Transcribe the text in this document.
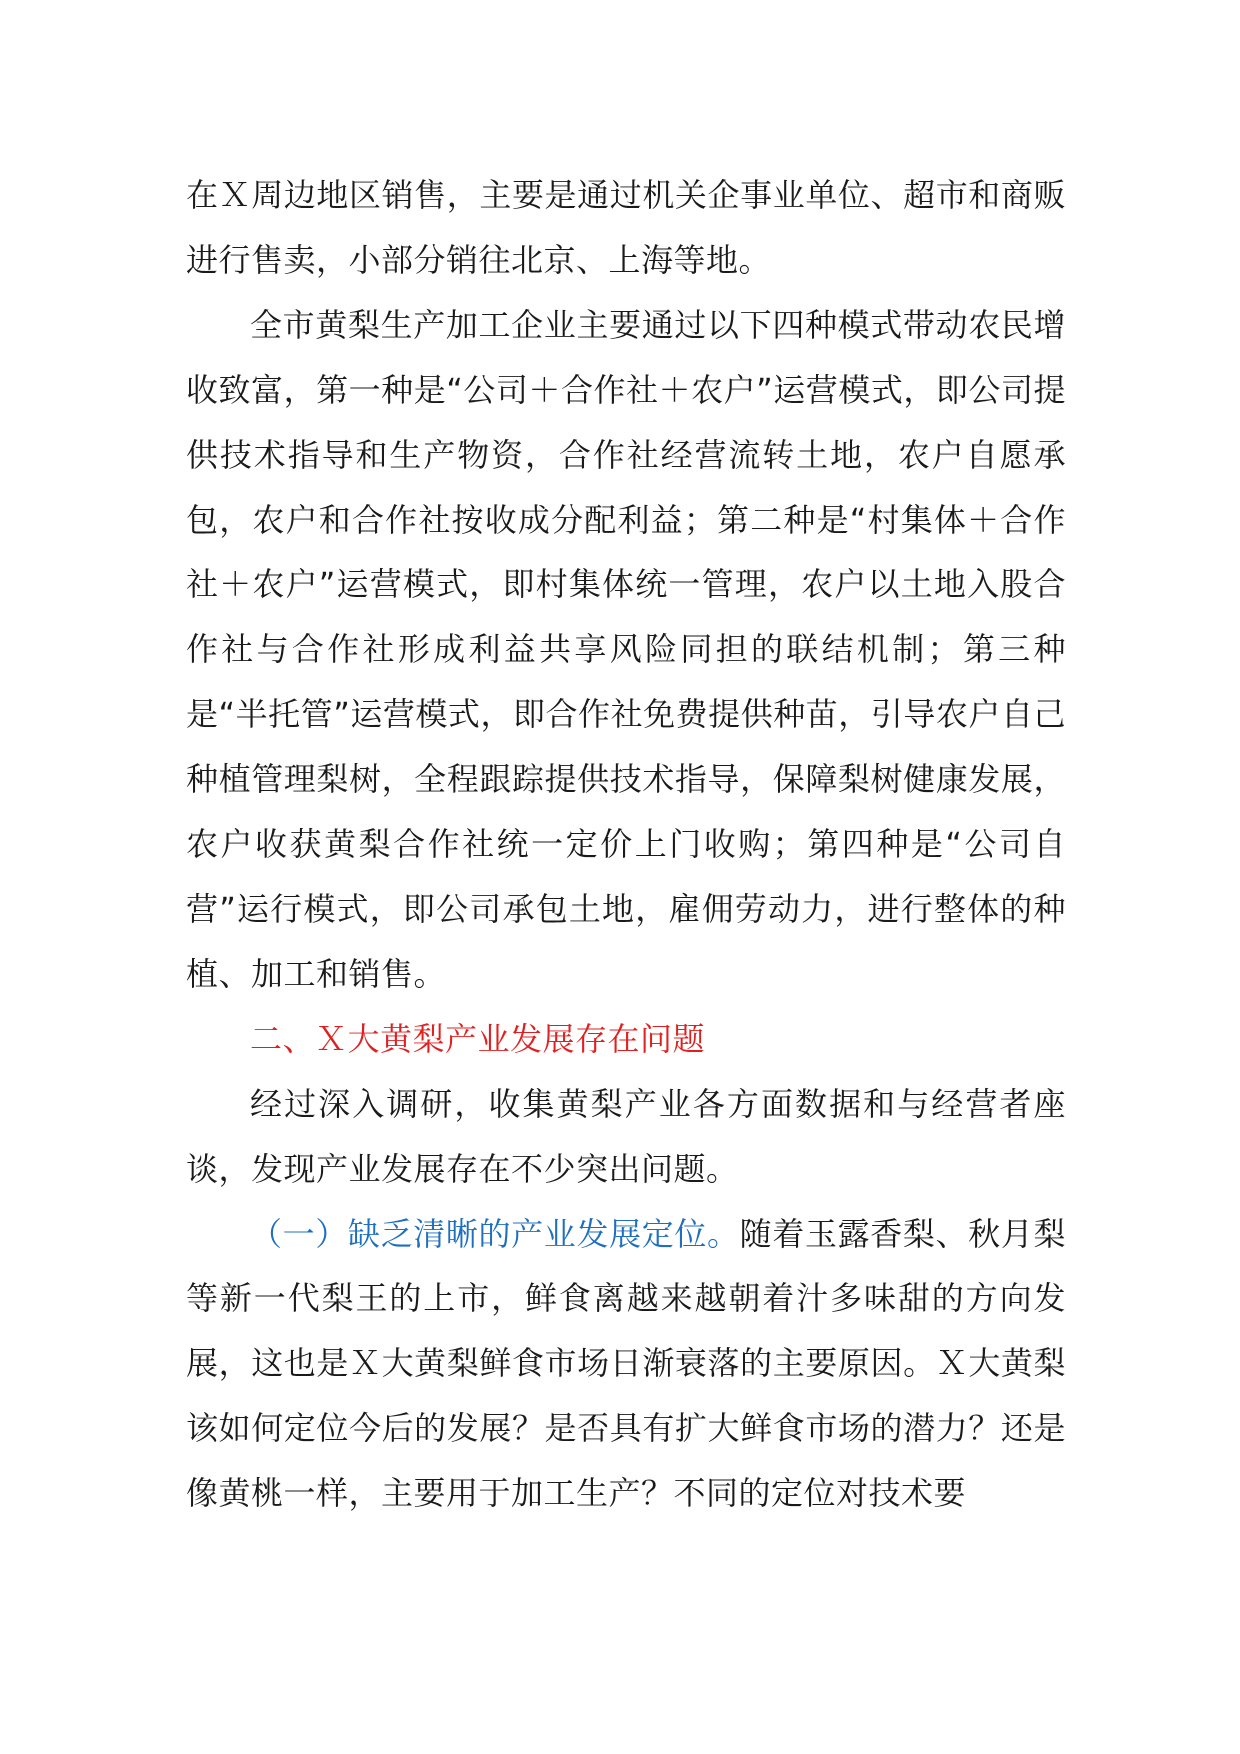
在Ｘ周边地区销售，主要是通过机关企事业单位、超市和商贩进行售卖，小部分销往北京、上海等地。

全市黄梨生产加工企业主要通过以下四种模式带动农民增收致富，第一种是“公司＋合作社＋农户”运营模式，即公司提供技术指导和生产物资，合作社经营流转土地，农户自愿承包，农户和合作社按收成分配利益；第二种是“村集体＋合作社＋农户”运营模式，即村集体统一管理，农户以土地入股合作社与合作社形成利益共享风险同担的联结机制；第三种是“半托管”运营模式，即合作社免费提供种苗，引导农户自己种植管理梨树，全程跟踪提供技术指导，保障梨树健康发展，农户收获黄梨合作社统一定价上门收购；第四种是“公司自营”运行模式，即公司承包土地，雇佣劳动力，进行整体的种植、加工和销售。

二、Ｘ大黄梨产业发展存在问题

经过深入调研，收集黄梨产业各方面数据和与经营者座谈，发现产业发展存在不少突出问题。

（一）缺乏清晰的产业发展定位。随着玉露香梨、秋月梨等新一代梨王的上市，鲜食离越来越朝着汁多味甜的方向发展，这也是Ｘ大黄梨鲜食市场日渐衰落的主要原因。Ｘ大黄梨该如何定位今后的发展？是否具有扩大鲜食市场的潜力？还是像黄桃一样，主要用于加工生产？不同的定位对技术要
